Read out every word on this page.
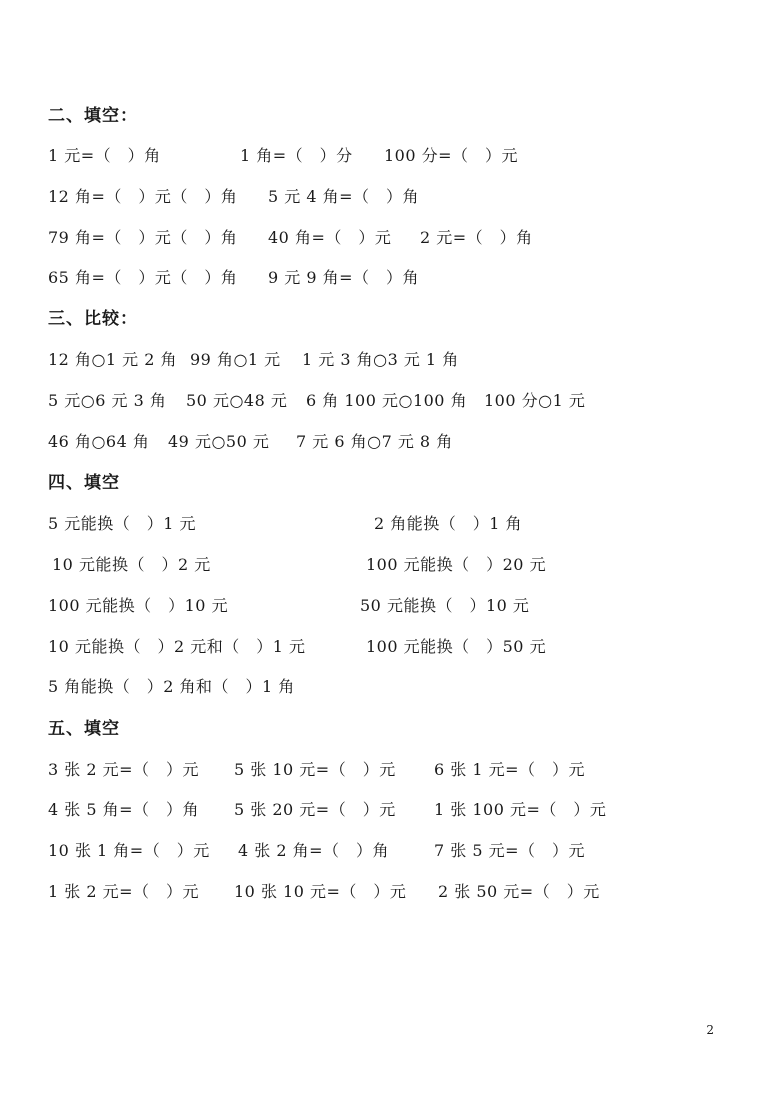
二、填空：
1 元=（　）角	1 角=（　）分 100 分=（　）元
12 角=（　）元（　）角 5 元 4 角=（　）角
79 角=（　）元（　）角 40 角=（　）元 2 元=（　）角
65 角=（　）元（　）角 9 元 9 角=（　）角
三、比较：
12 角○1 元 2 角 99 角○1 元 1 元 3 角○3 元 1 角
5 元○6 元 3 角 50 元○48 元 6 角 100 元○100 角 100 分○1 元
46 角○64 角 49 元○50 元 7 元 6 角○7 元 8 角
四、填空
5 元能换（　）1 元	2 角能换（　）1 角
10 元能换（　）2 元	100 元能换（　）20 元
100 元能换（　）10 元	50 元能换（　）10 元
10 元能换（　）2 元和（　）1 元	100 元能换（　）50 元
5 角能换（　）2 角和（　）1 角
五、填空
3 张 2 元=（　）元 5 张 10 元=（　）元 6 张 1 元=（　）元
4 张 5 角=（　）角 5 张 20 元=（　）元 1 张 100 元=（　）元
10 张 1 角=（　）元 4 张 2 角=（　）角	7 张 5 元=（　）元
1 张 2 元=（　）元 10 张 10 元=（　）元 2 张 50 元=（　）元
2
